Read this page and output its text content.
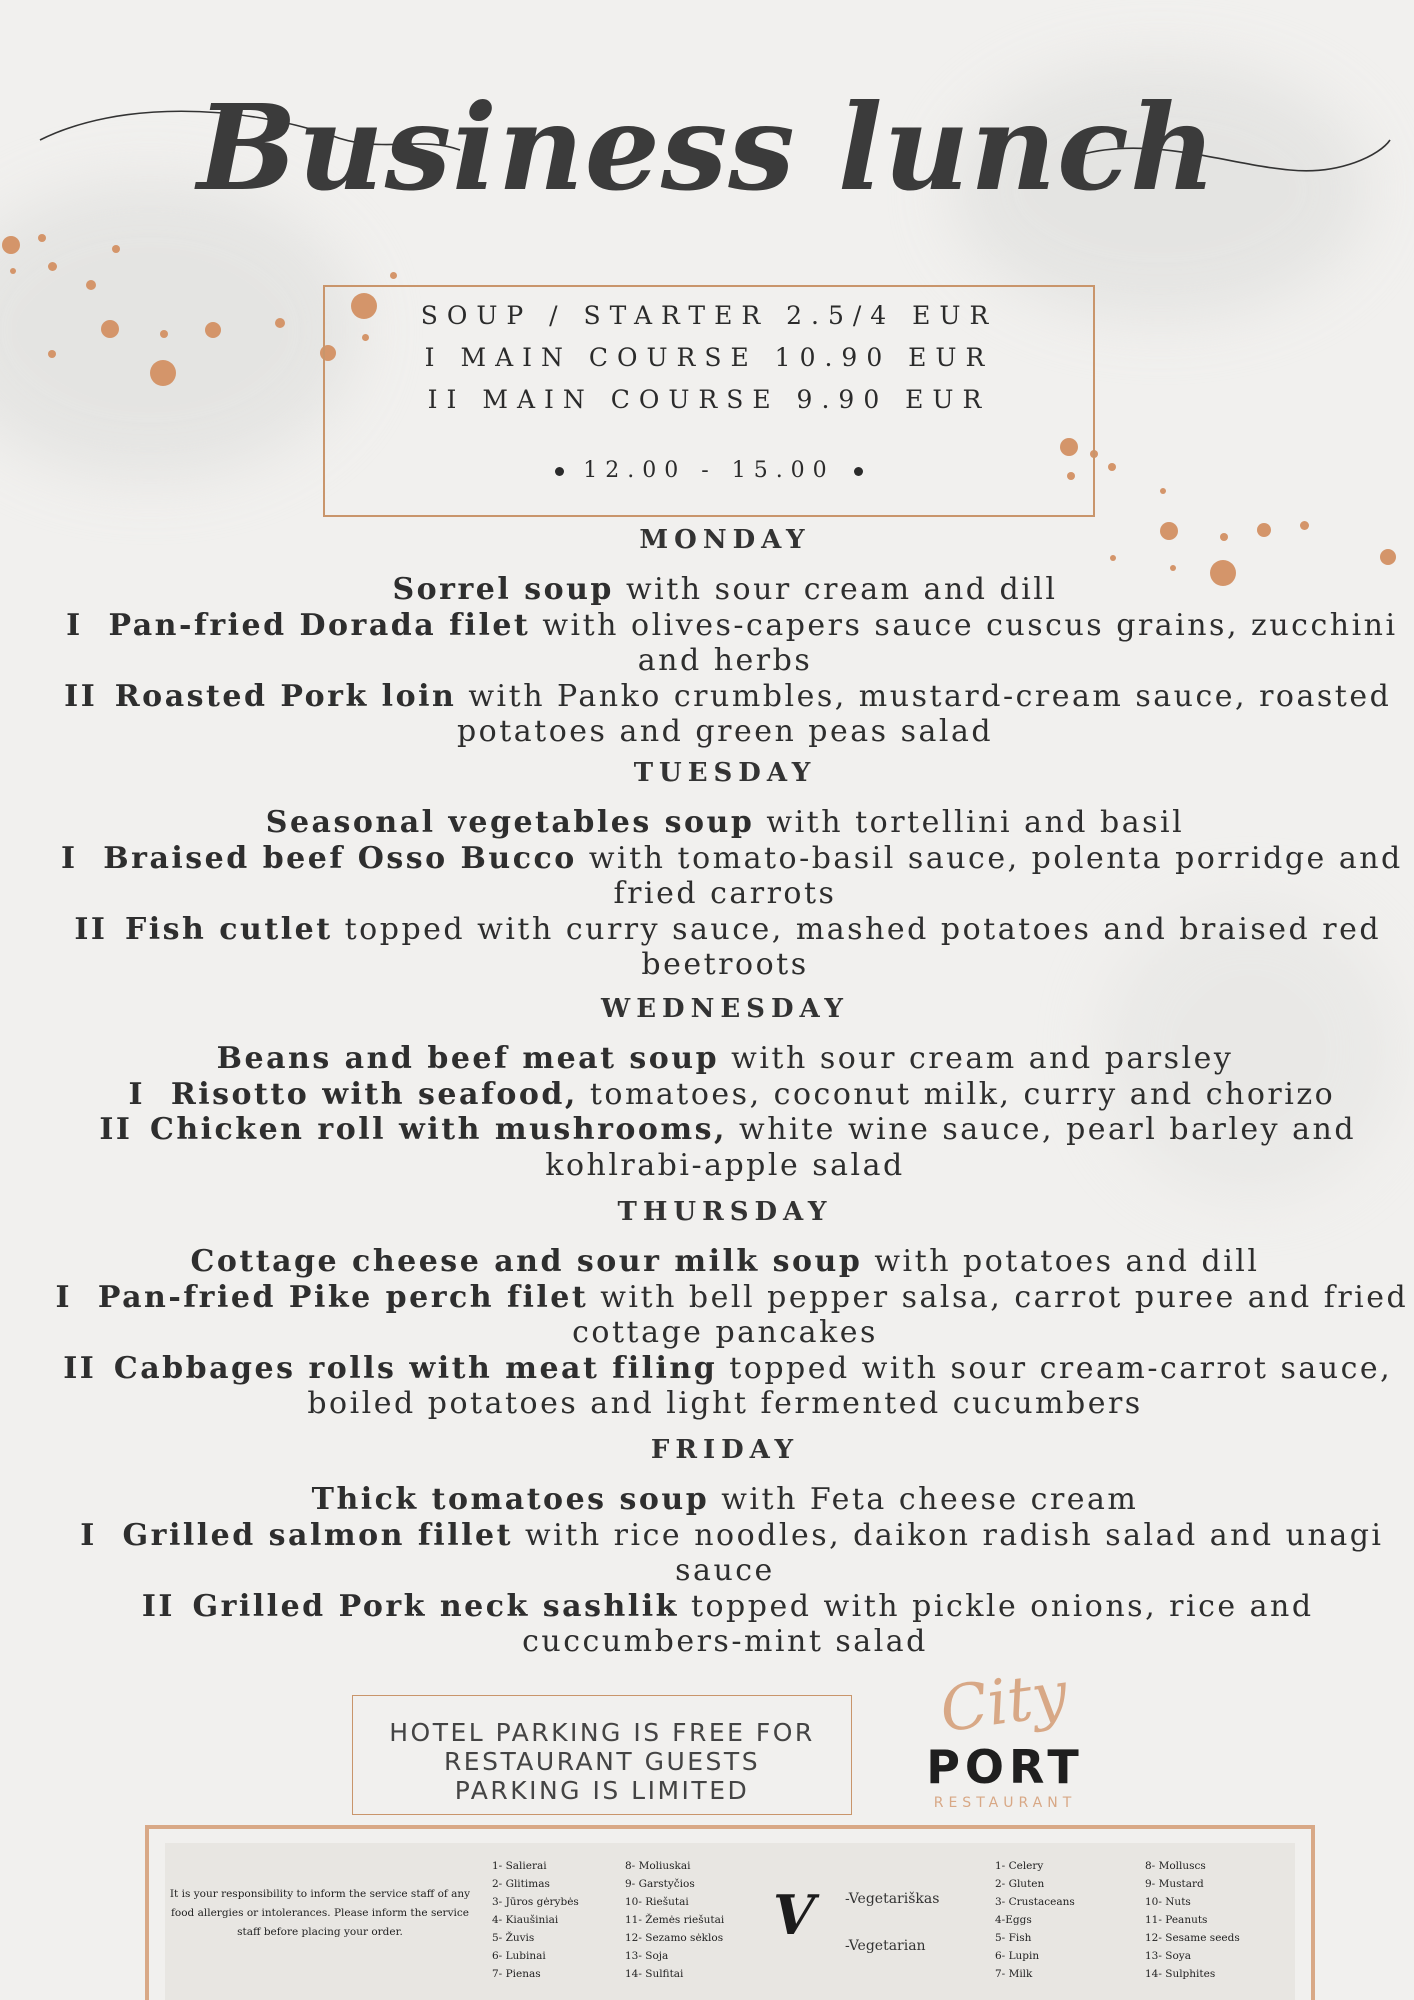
Business lunch
SOUP / STARTER 2.5/4 EUR
I MAIN COURSE 10.90 EUR
II MAIN COURSE 9.90 EUR
12.00 - 15.00
MONDAY
Sorrel soup with sour cream and dill
I Pan-fried Dorada filet with olives-capers sauce cuscus grains, zucchini and herbs
II Roasted Pork loin with Panko crumbles, mustard-cream sauce, roasted potatoes and green peas salad
TUESDAY
Seasonal vegetables soup with tortellini and basil
I Braised beef Osso Bucco with tomato-basil sauce, polenta porridge and fried carrots
II Fish cutlet topped with curry sauce, mashed potatoes and braised red beetroots
WEDNESDAY
Beans and beef meat soup with sour cream and parsley
I Risotto with seafood, tomatoes, coconut milk, curry and chorizo
II Chicken roll with mushrooms, white wine sauce, pearl barley and kohlrabi-apple salad
THURSDAY
Cottage cheese and sour milk soup with potatoes and dill
I Pan-fried Pike perch filet with bell pepper salsa, carrot puree and fried cottage pancakes
II Cabbages rolls with meat filing topped with sour cream-carrot sauce, boiled potatoes and light fermented cucumbers
FRIDAY
Thick tomatoes soup with Feta cheese cream
I Grilled salmon fillet with rice noodles, daikon radish salad and unagi sauce
II Grilled Pork neck sashlik topped with pickle onions, rice and cuccumbers-mint salad
HOTEL PARKING IS FREE FOR
RESTAURANT GUESTS
PARKING IS LIMITED
City
PORT
RESTAURANT
It is your responsibility to inform the service staff of any food allergies or intolerances. Please inform the service staff before placing your order.
1- Salierai
2- Glitimas
3- Jūros gėrybės
4- Kiaušiniai
5- Žuvis
6- Lubinai
7- Pienas
8- Moliuskai
9- Garstyčios
10- Riešutai
11- Žemės riešutai
12- Sezamo sėklos
13- Soja
14- Sulfitai
V -Vegetariškas
-Vegetarian
1- Celery
2- Gluten
3- Crustaceans
4-Eggs
5- Fish
6- Lupin
7- Milk
8- Molluscs
9- Mustard
10- Nuts
11- Peanuts
12- Sesame seeds
13- Soya
14- Sulphites
